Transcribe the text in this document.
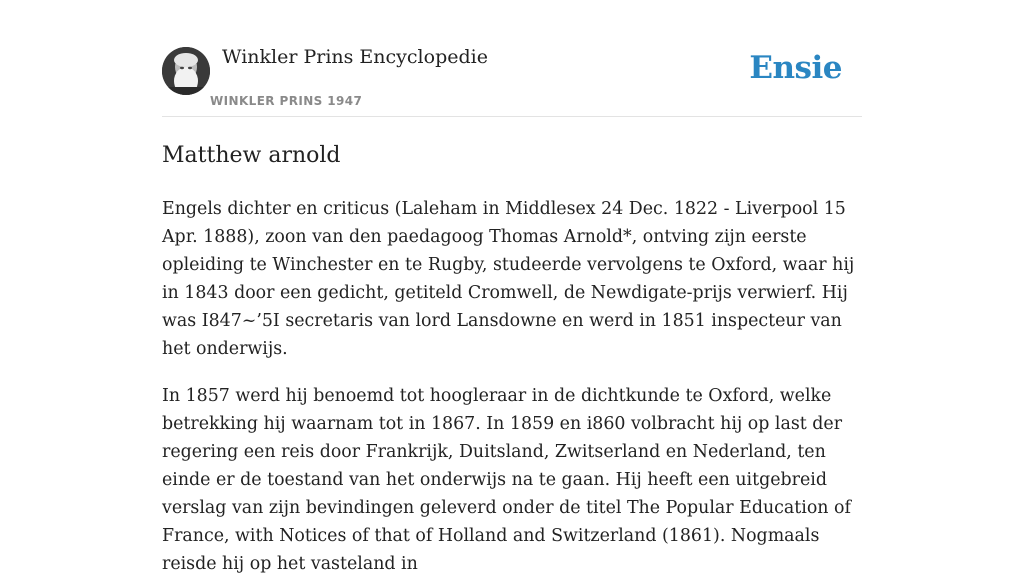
Winkler Prins Encyclopedie
WINKLER PRINS 1947
Ensie
Matthew arnold

Engels dichter en criticus (Laleham in Middlesex 24 Dec. 1822 - Liverpool 15 Apr. 1888), zoon van den paedagoog Thomas Arnold*, ontving zijn eerste opleiding te Winchester en te Rugby, studeerde vervolgens te Oxford, waar hij in 1843 door een gedicht, getiteld Cromwell, de Newdigate-prijs verwierf. Hij was I847~’5I secretaris van lord Lansdowne en werd in 1851 inspecteur van het onderwijs.

In 1857 werd hij benoemd tot hoogleraar in de dichtkunde te Oxford, welke betrekking hij waarnam tot in 1867. In 1859 en i860 volbracht hij op last der regering een reis door Frankrijk, Duitsland, Zwitserland en Nederland, ten einde er de toestand van het onderwijs na te gaan. Hij heeft een uitgebreid verslag van zijn bevindingen geleverd onder de titel The Popular Education of France, with Notices of that of Holland and Switzerland (1861). Nogmaals reisde hij op het vasteland in
